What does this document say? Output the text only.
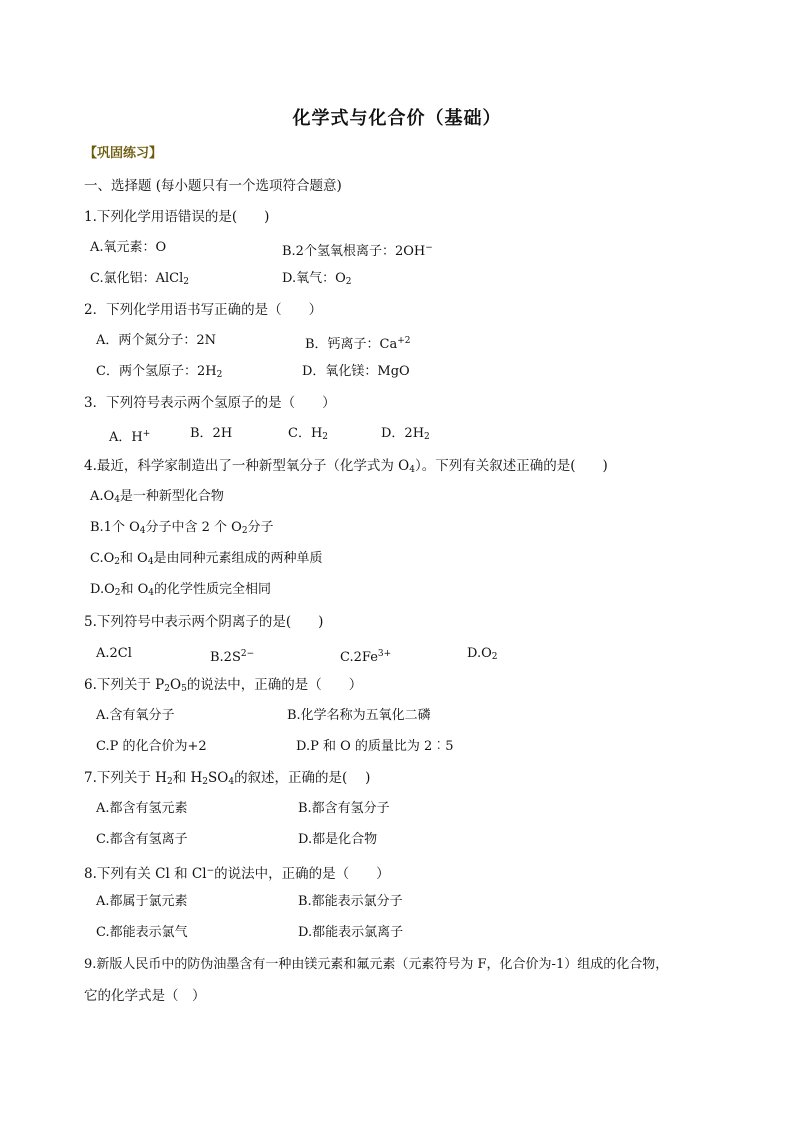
化学式与化合价（基础）
【巩固练习】
一、选择题 (每小题只有一个选项符合题意)
1.下列化学用语错误的是(　　)
A.氧元素：O	B.2个氢氧根离子：2OH−
C.氯化铝：AlCl$_2$	D.氧气：$O_2$
2．下列化学用语书写正确的是（　　）
A．两个氮分子：2N	B．钙离子：$Ca^{+2}$
C．两个氢原子：$2H_2$	D．氧化镁：MgO
3．下列符号表示两个氢原子的是（　　）
A．H+	B．2H	C．$H_2$	D．$2H_2$
4.最近，科学家制造出了一种新型氧分子（化学式为 $O_4$）。下列有关叙述正确的是(　　)
$A.O_4$是一种新型化合物
B.1个 $O_4$分子中含 2 个 $O_2$分子
$C.O_2$和 $O_4$是由同种元素组成的两种单质
$D.O_2$和 $O_4$的化学性质完全相同
5.下列符号中表示两个阴离子的是(　　)
A.2Cl	$B.2S^{2-}$	$C.2Fe^{3+}$	$D.O_2$
6.下列关于 $P_2O_5$的说法中，正确的是（　　）
A.含有氧分子	B.化学名称为五氧化二磷
C.P 的化合价为+2	D.P 和 O 的质量比为 2︰5
7.下列关于 $H_2$和 $H_2SO_4$的叙述，正确的是(　 )
A.都含有氢元素	B.都含有氢分子
C.都含有氢离子	D.都是化合物
8.下列有关 Cl 和 Cl−的说法中，正确的是（　　）
A.都属于氯元素	B.都能表示氯分子
C.都能表示氯气	D.都能表示氯离子
9.新版人民币中的防伪油墨含有一种由镁元素和氟元素（元素符号为 F，化合价为-1）组成的化合物，
它的化学式是（　）
